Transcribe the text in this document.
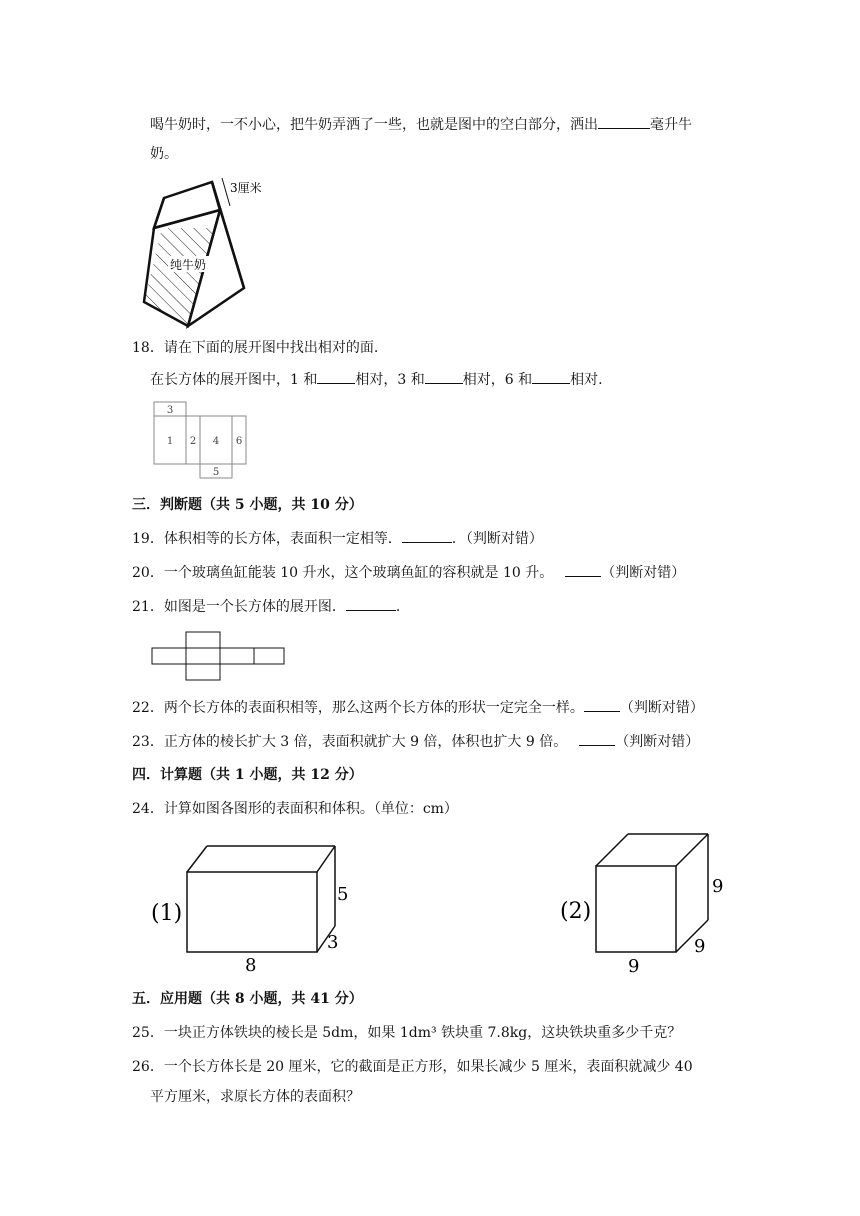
喝牛奶时，一不小心，把牛奶弄洒了一些，也就是图中的空白部分，洒出	毫升牛
奶。
3厘米
纯牛奶
18．请在下面的展开图中找出相对的面.
在长方体的展开图中，1 和	相对，3 和	相对，6 和	相对.
3
1 2 4 6
5
三．判断题（共 5 小题，共 10 分）
19．体积相等的长方体，表面积一定相等．	．（判断对错）
20．一个玻璃鱼缸能装 10 升水，这个玻璃鱼缸的容积就是 10 升。	（判断对错）
21．如图是一个长方体的展开图．	.
22．两个长方体的表面积相等，那么这两个长方体的形状一定完全一样。	（判断对错）
23．正方体的棱长扩大 3 倍，表面积就扩大 9 倍，体积也扩大 9 倍。	（判断对错）
四．计算题（共 1 小题，共 12 分）
24．计算如图各图形的表面积和体积。（单位：cm）
(1)
5
3
8
(2)
9
9
9
五．应用题（共 8 小题，共 41 分）
25．一块正方体铁块的棱长是 5dm，如果 1dm³ 铁块重 7.8kg，这块铁块重多少千克？
26．一个长方体长是 20 厘米，它的截面是正方形，如果长减少 5 厘米，表面积就减少 40
平方厘米，求原长方体的表面积？
